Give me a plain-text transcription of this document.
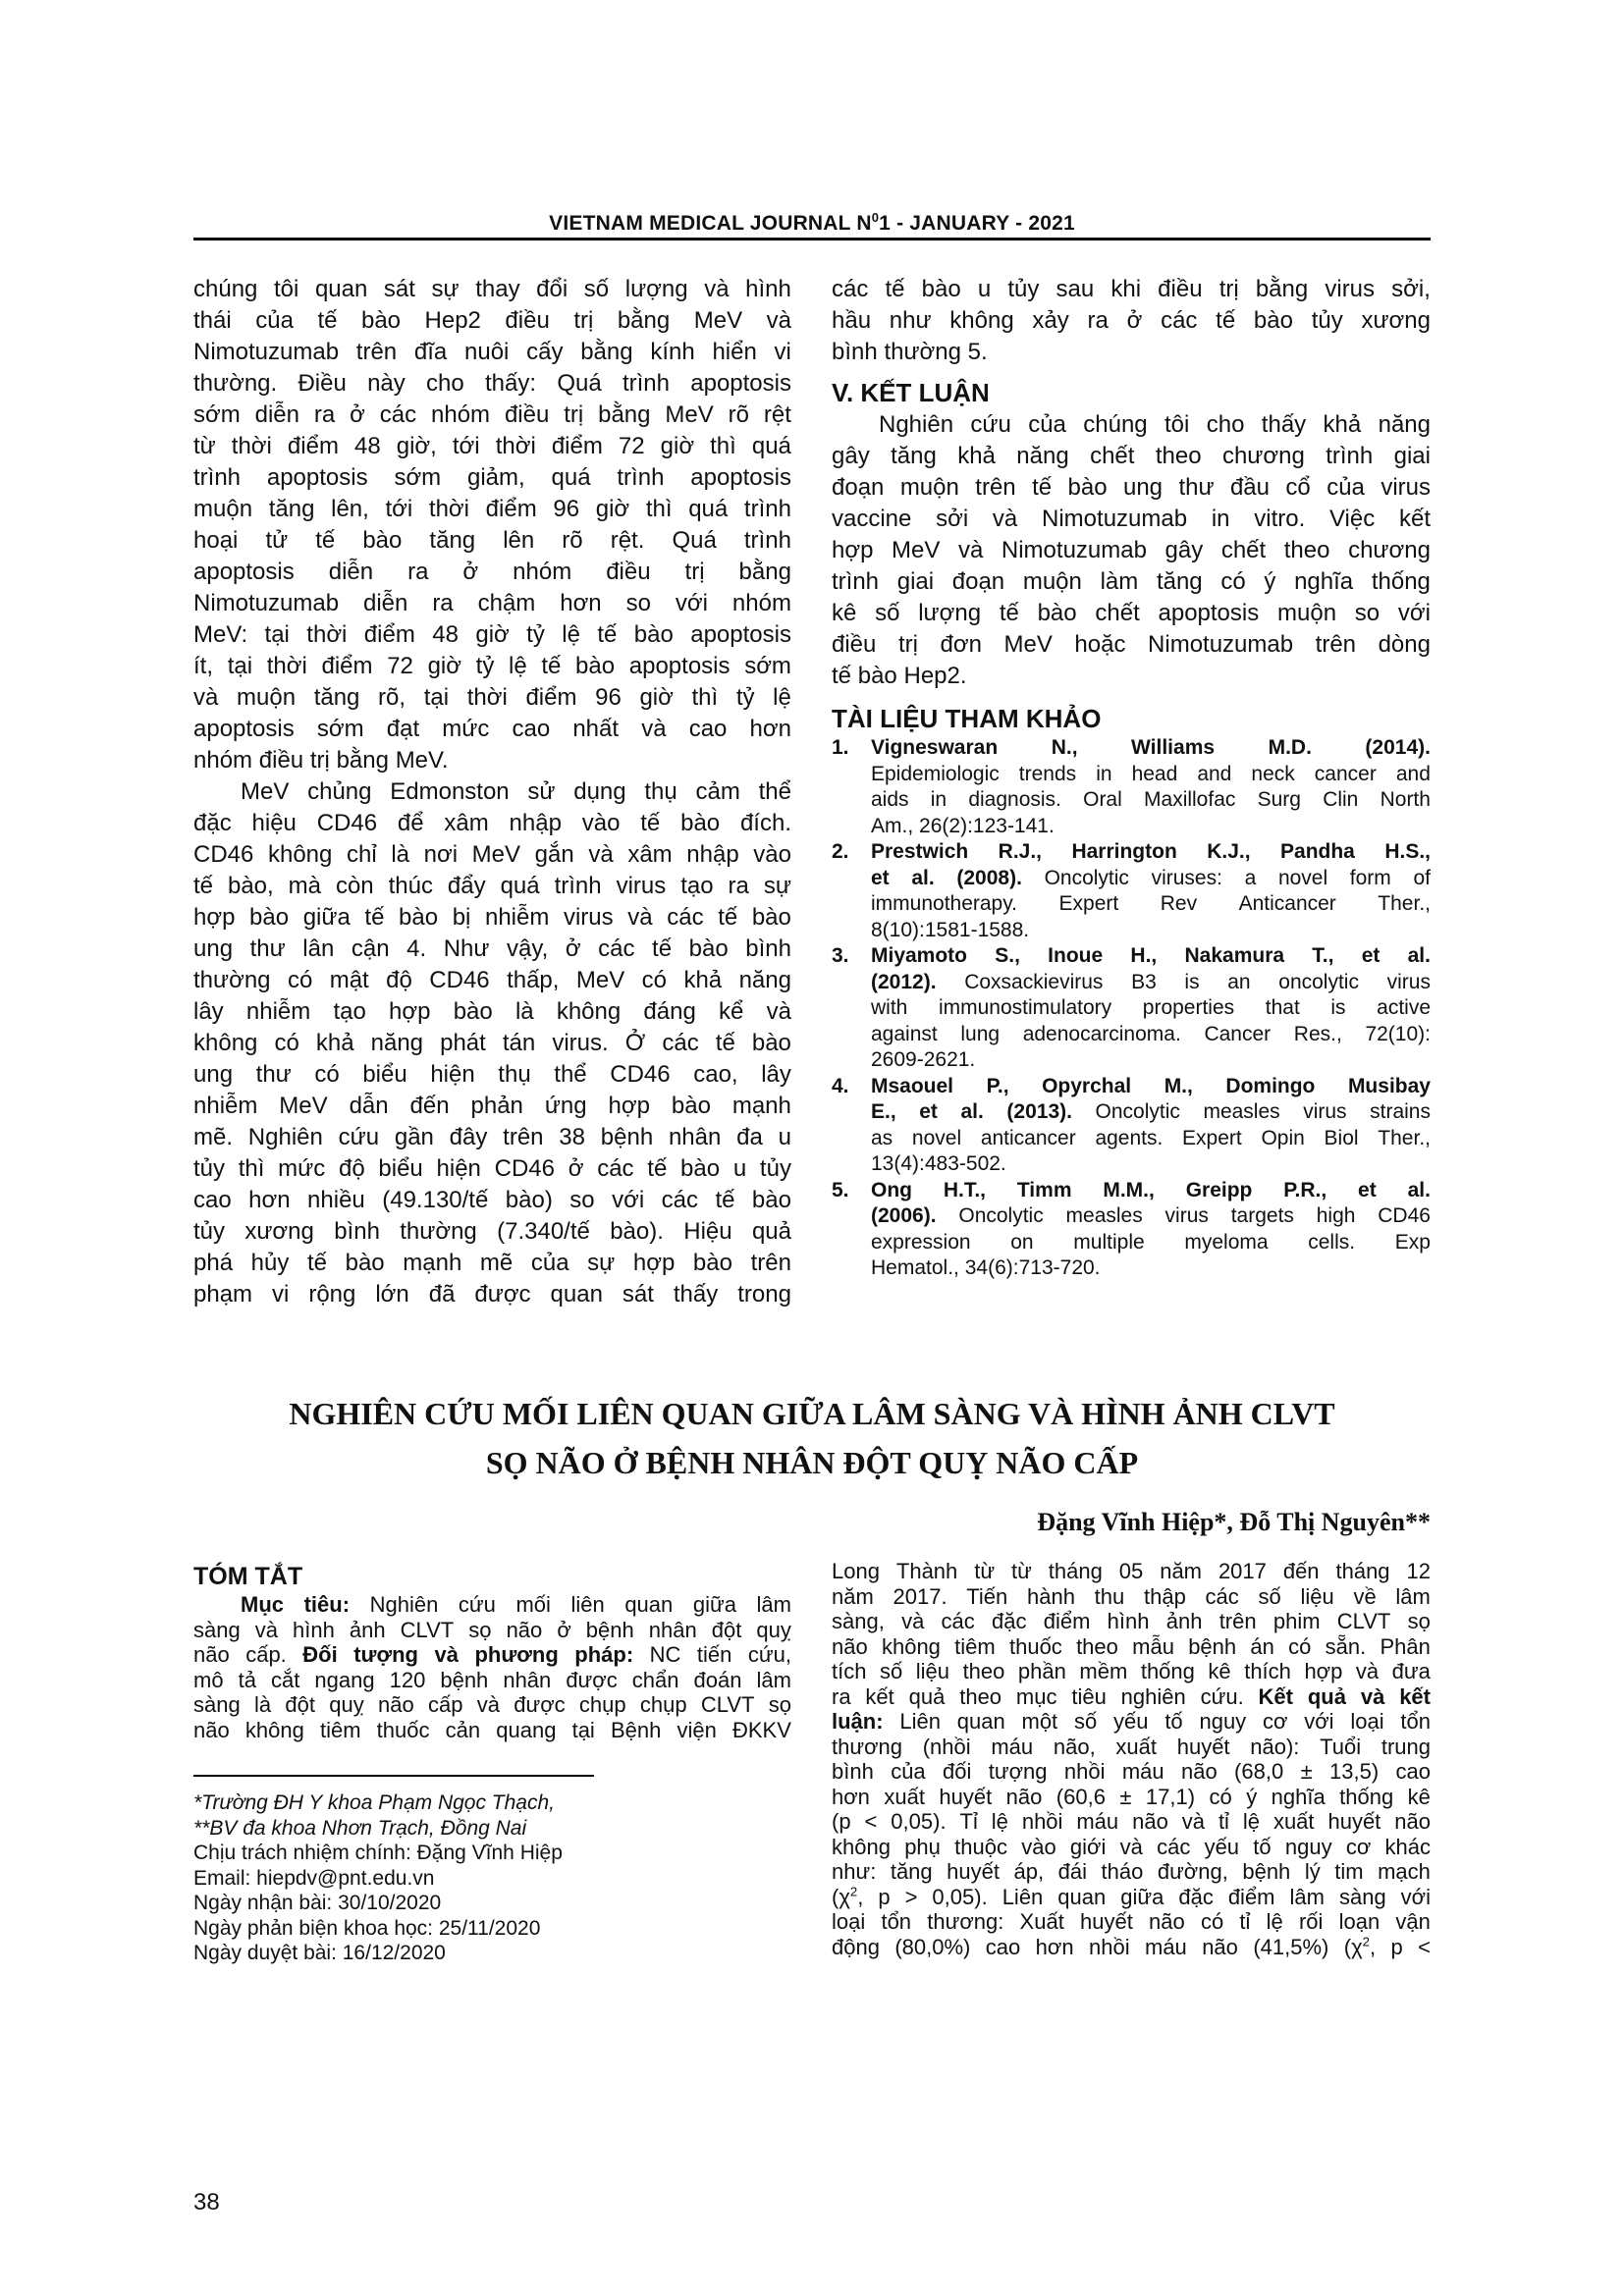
VIETNAM MEDICAL JOURNAL $N^01$ - JANUARY - 2021
chúng tôi quan sát sự thay đổi số lượng và hình
thái của tế bào Hep2 điều trị bằng MeV và
Nimotuzumab trên đĩa nuôi cấy bằng kính hiển vi
thường. Điều này cho thấy: Quá trình apoptosis
sớm diễn ra ở các nhóm điều trị bằng MeV rõ rệt
từ thời điểm 48 giờ, tới thời điểm 72 giờ thì quá
trình apoptosis sớm giảm, quá trình apoptosis
muộn tăng lên, tới thời điểm 96 giờ thì quá trình
hoại tử tế bào tăng lên rõ rệt. Quá trình
apoptosis diễn ra ở nhóm điều trị bằng
Nimotuzumab diễn ra chậm hơn so với nhóm
MeV: tại thời điểm 48 giờ tỷ lệ tế bào apoptosis
ít, tại thời điểm 72 giờ tỷ lệ tế bào apoptosis sớm
và muộn tăng rõ, tại thời điểm 96 giờ thì tỷ lệ
apoptosis sớm đạt mức cao nhất và cao hơn
nhóm điều trị bằng MeV.
MeV chủng Edmonston sử dụng thụ cảm thể
đặc hiệu CD46 để xâm nhập vào tế bào đích.
CD46 không chỉ là nơi MeV gắn và xâm nhập vào
tế bào, mà còn thúc đẩy quá trình virus tạo ra sự
hợp bào giữa tế bào bị nhiễm virus và các tế bào
ung thư lân cận 4. Như vậy, ở các tế bào bình
thường có mật độ CD46 thấp, MeV có khả năng
lây nhiễm tạo hợp bào là không đáng kể và
không có khả năng phát tán virus. Ở các tế bào
ung thư có biểu hiện thụ thể CD46 cao, lây
nhiễm MeV dẫn đến phản ứng hợp bào mạnh
mẽ. Nghiên cứu gần đây trên 38 bệnh nhân đa u
tủy thì mức độ biểu hiện CD46 ở các tế bào u tủy
cao hơn nhiều (49.130/tế bào) so với các tế bào
tủy xương bình thường (7.340/tế bào). Hiệu quả
phá hủy tế bào mạnh mẽ của sự hợp bào trên
phạm vi rộng lớn đã được quan sát thấy trong
các tế bào u tủy sau khi điều trị bằng virus sởi,
hầu như không xảy ra ở các tế bào tủy xương
bình thường 5.
V. KẾT LUẬN
Nghiên cứu của chúng tôi cho thấy khả năng
gây tăng khả năng chết theo chương trình giai
đoạn muộn trên tế bào ung thư đầu cổ của virus
vaccine sởi và Nimotuzumab in vitro. Việc kết
hợp MeV và Nimotuzumab gây chết theo chương
trình giai đoạn muộn làm tăng có ý nghĩa thống
kê số lượng tế bào chết apoptosis muộn so với
điều trị đơn MeV hoặc Nimotuzumab trên dòng
tế bào Hep2.
TÀI LIỆU THAM KHẢO
1.	Vigneswaran	N.,	Williams	M.D.	(2014).
Epidemiologic trends in head and neck cancer and
aids in diagnosis. Oral Maxillofac Surg Clin North
Am., 26(2):123-141.
2.	Prestwich R.J., Harrington K.J., Pandha H.S.,
et al. (2008). Oncolytic viruses: a novel form of
immunotherapy. Expert Rev Anticancer Ther.,
8(10):1581-1588.
3.	Miyamoto S., Inoue H., Nakamura T., et al.
(2012). Coxsackievirus B3 is an oncolytic virus
with immunostimulatory properties that is active
against lung adenocarcinoma. Cancer Res., 72(10):
2609-2621.
4.	Msaouel P., Opyrchal M., Domingo Musibay
E., et al. (2013). Oncolytic measles virus strains
as novel anticancer agents. Expert Opin Biol Ther.,
13(4):483-502.
5.	Ong H.T., Timm M.M., Greipp P.R., et al.
(2006). Oncolytic measles virus targets high CD46
expression on multiple myeloma cells. Exp
Hematol., 34(6):713-720.
NGHIÊN CỨU MỐI LIÊN QUAN GIỮA LÂM SÀNG VÀ HÌNH ẢNH CLVT
SỌ NÃO Ở BỆNH NHÂN ĐỘT QUỴ NÃO CẤP
Đặng Vĩnh Hiệp*, Đỗ Thị Nguyên**
TÓM TẮT
Mục tiêu: Nghiên cứu mối liên quan giữa lâm
sàng và hình ảnh CLVT sọ não ở bệnh nhân đột quỵ
não cấp. Đối tượng và phương pháp: NC tiến cứu,
mô tả cắt ngang 120 bệnh nhân được chẩn đoán lâm
sàng là đột quỵ não cấp và được chụp chụp CLVT sọ
não không tiêm thuốc cản quang tại Bệnh viện ĐKKV
*Trường ĐH Y khoa Phạm Ngọc Thạch,
**BV đa khoa Nhơn Trạch, Đồng Nai
Chịu trách nhiệm chính: Đặng Vĩnh Hiệp
Email: hiepdv@pnt.edu.vn
Ngày nhận bài: 30/10/2020
Ngày phản biện khoa học: 25/11/2020
Ngày duyệt bài: 16/12/2020
Long Thành từ từ tháng 05 năm 2017 đến tháng 12
năm 2017. Tiến hành thu thập các số liệu về lâm
sàng, và các đặc điểm hình ảnh trên phim CLVT sọ
não không tiêm thuốc theo mẫu bệnh án có sẵn. Phân
tích số liệu theo phần mềm thống kê thích hợp và đưa
ra kết quả theo mục tiêu nghiên cứu. Kết quả và kết
luận: Liên quan một số yếu tố nguy cơ với loại tổn
thương (nhồi máu não, xuất huyết não): Tuổi trung
bình của đối tượng nhồi máu não (68,0 ± 13,5) cao
hơn xuất huyết não (60,6 ± 17,1) có ý nghĩa thống kê
(p < 0,05). Tỉ lệ nhồi máu não và tỉ lệ xuất huyết não
không phụ thuộc vào giới và các yếu tố nguy cơ khác
như: tăng huyết áp, đái tháo đường, bệnh lý tim mạch
($\chi^2$, p > 0,05). Liên quan giữa đặc điểm lâm sàng với
loại tổn thương: Xuất huyết não có tỉ lệ rối loạn vận
động (80,0%) cao hơn nhồi máu não (41,5%) ($\chi^2$, p <
38
